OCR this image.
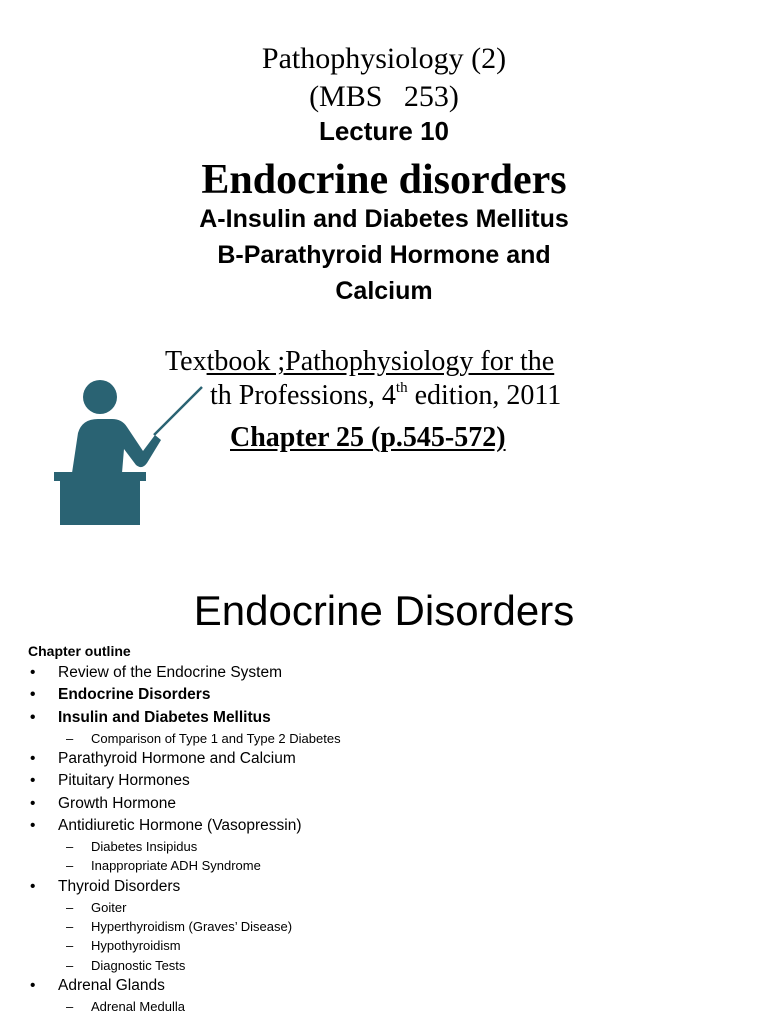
Pathophysiology (2)
(MBS 253)
Lecture 10
Endocrine disorders
A-Insulin and Diabetes Mellitus
B-Parathyroid Hormone and
Calcium
Textbook ;Pathophysiology for the
th Professions, 4th edition, 2011
Chapter 25 (p.545-572)
Endocrine Disorders
Chapter outline
• Review of the Endocrine System
• Endocrine Disorders
• Insulin and Diabetes Mellitus
– Comparison of Type 1 and Type 2 Diabetes
• Parathyroid Hormone and Calcium
• Pituitary Hormones
• Growth Hormone
• Antidiuretic Hormone (Vasopressin)
– Diabetes Insipidus
– Inappropriate ADH Syndrome
• Thyroid Disorders
– Goiter
– Hyperthyroidism (Graves’ Disease)
– Hypothyroidism
– Diagnostic Tests
• Adrenal Glands
– Adrenal Medulla
